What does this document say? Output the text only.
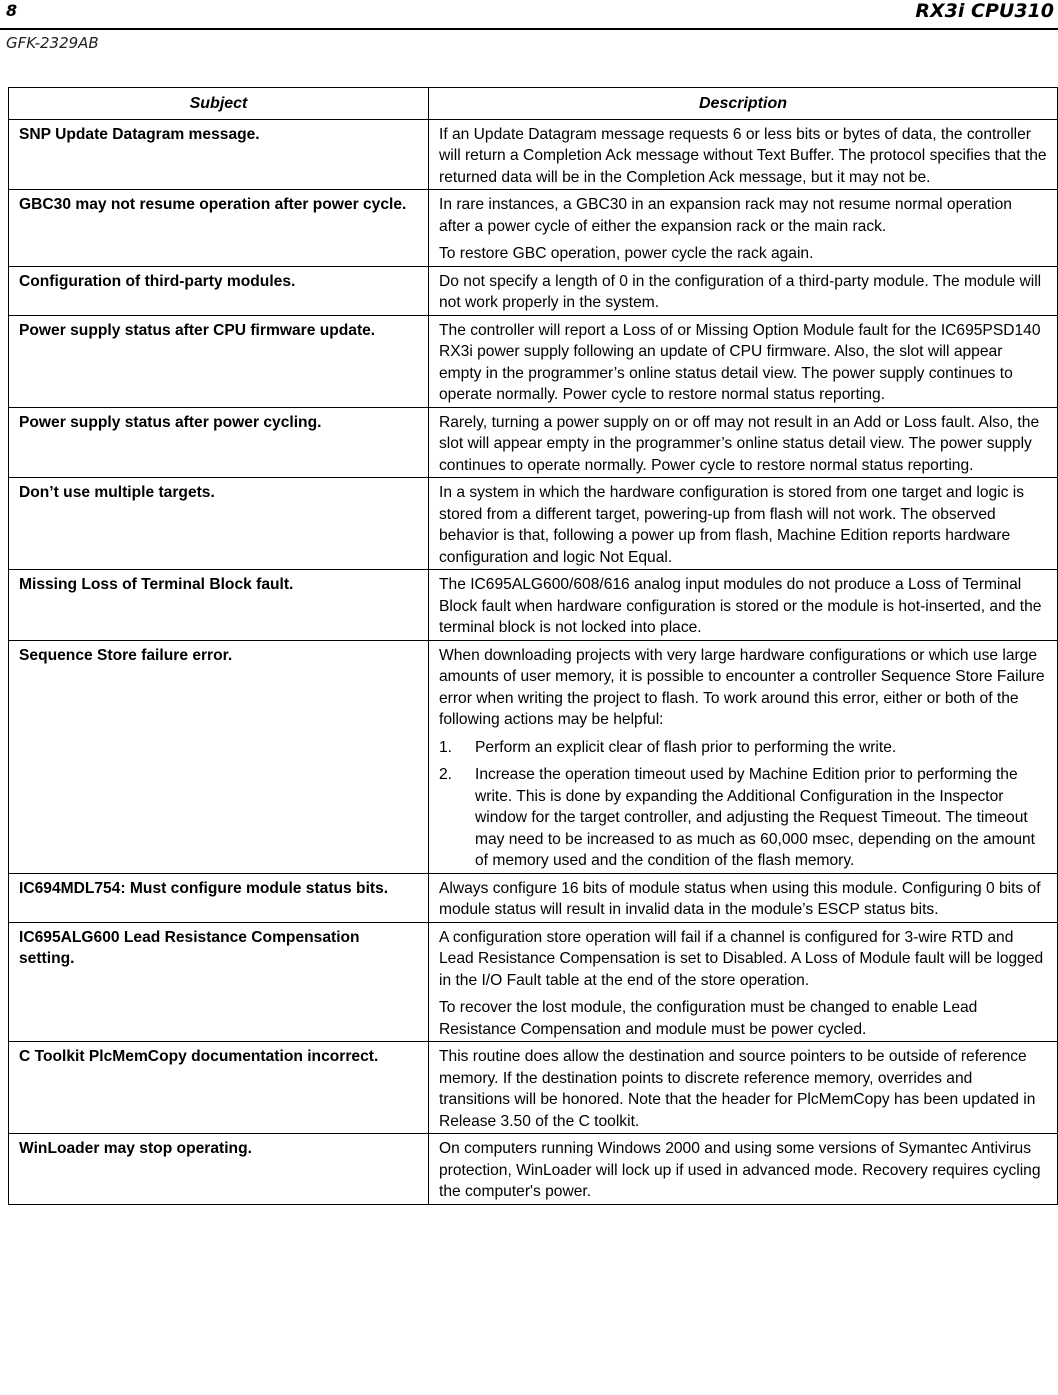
8	RX3i CPU310
GFK-2329AB
Subject	Description
SNP Update Datagram message.	If an Update Datagram message requests 6 or less bits or bytes of data, the controller will return a Completion Ack message without Text Buffer. The protocol specifies that the returned data will be in the Completion Ack message, but it may not be.

GBC30 may not resume operation after power cycle.	In rare instances, a GBC30 in an expansion rack may not resume normal operation after a power cycle of either the expansion rack or the main rack.

To restore GBC operation, power cycle the rack again.

Configuration of third-party modules.	Do not specify a length of 0 in the configuration of a third-party module. The module will not work properly in the system.

Power supply status after CPU firmware update.	The controller will report a Loss of or Missing Option Module fault for the IC695PSD140 RX3i power supply following an update of CPU firmware. Also, the slot will appear empty in the programmer’s online status detail view. The power supply continues to operate normally. Power cycle to restore normal status reporting.

Power supply status after power cycling.	Rarely, turning a power supply on or off may not result in an Add or Loss fault. Also, the slot will appear empty in the programmer’s online status detail view. The power supply continues to operate normally. Power cycle to restore normal status reporting.

Don’t use multiple targets.	In a system in which the hardware configuration is stored from one target and logic is stored from a different target, powering-up from flash will not work. The observed behavior is that, following a power up from flash, Machine Edition reports hardware configuration and logic Not Equal.

Missing Loss of Terminal Block fault.	The IC695ALG600/608/616 analog input modules do not produce a Loss of Terminal Block fault when hardware configuration is stored or the module is hot-inserted, and the terminal block is not locked into place.

Sequence Store failure error.	When downloading projects with very large hardware configurations or which use large amounts of user memory, it is possible to encounter a controller Sequence Store Failure error when writing the project to flash. To work around this error, either or both of the following actions may be helpful:

1. Perform an explicit clear of flash prior to performing the write.
2. Increase the operation timeout used by Machine Edition prior to performing the write. This is done by expanding the Additional Configuration in the Inspector window for the target controller, and adjusting the Request Timeout. The timeout may need to be increased to as much as 60,000 msec, depending on the amount of memory used and the condition of the flash memory.

IC694MDL754: Must configure module status bits.	Always configure 16 bits of module status when using this module. Configuring 0 bits of module status will result in invalid data in the module’s ESCP status bits.

IC695ALG600 Lead Resistance Compensation setting.	A configuration store operation will fail if a channel is configured for 3-wire RTD and Lead Resistance Compensation is set to Disabled. A Loss of Module fault will be logged in the I/O Fault table at the end of the store operation.

To recover the lost module, the configuration must be changed to enable Lead Resistance Compensation and module must be power cycled.

C Toolkit PlcMemCopy documentation incorrect.	This routine does allow the destination and source pointers to be outside of reference memory. If the destination points to discrete reference memory, overrides and transitions will be honored. Note that the header for PlcMemCopy has been updated in Release 3.50 of the C toolkit.

WinLoader may stop operating.	On computers running Windows 2000 and using some versions of Symantec Antivirus protection, WinLoader will lock up if used in advanced mode. Recovery requires cycling the computer's power.
